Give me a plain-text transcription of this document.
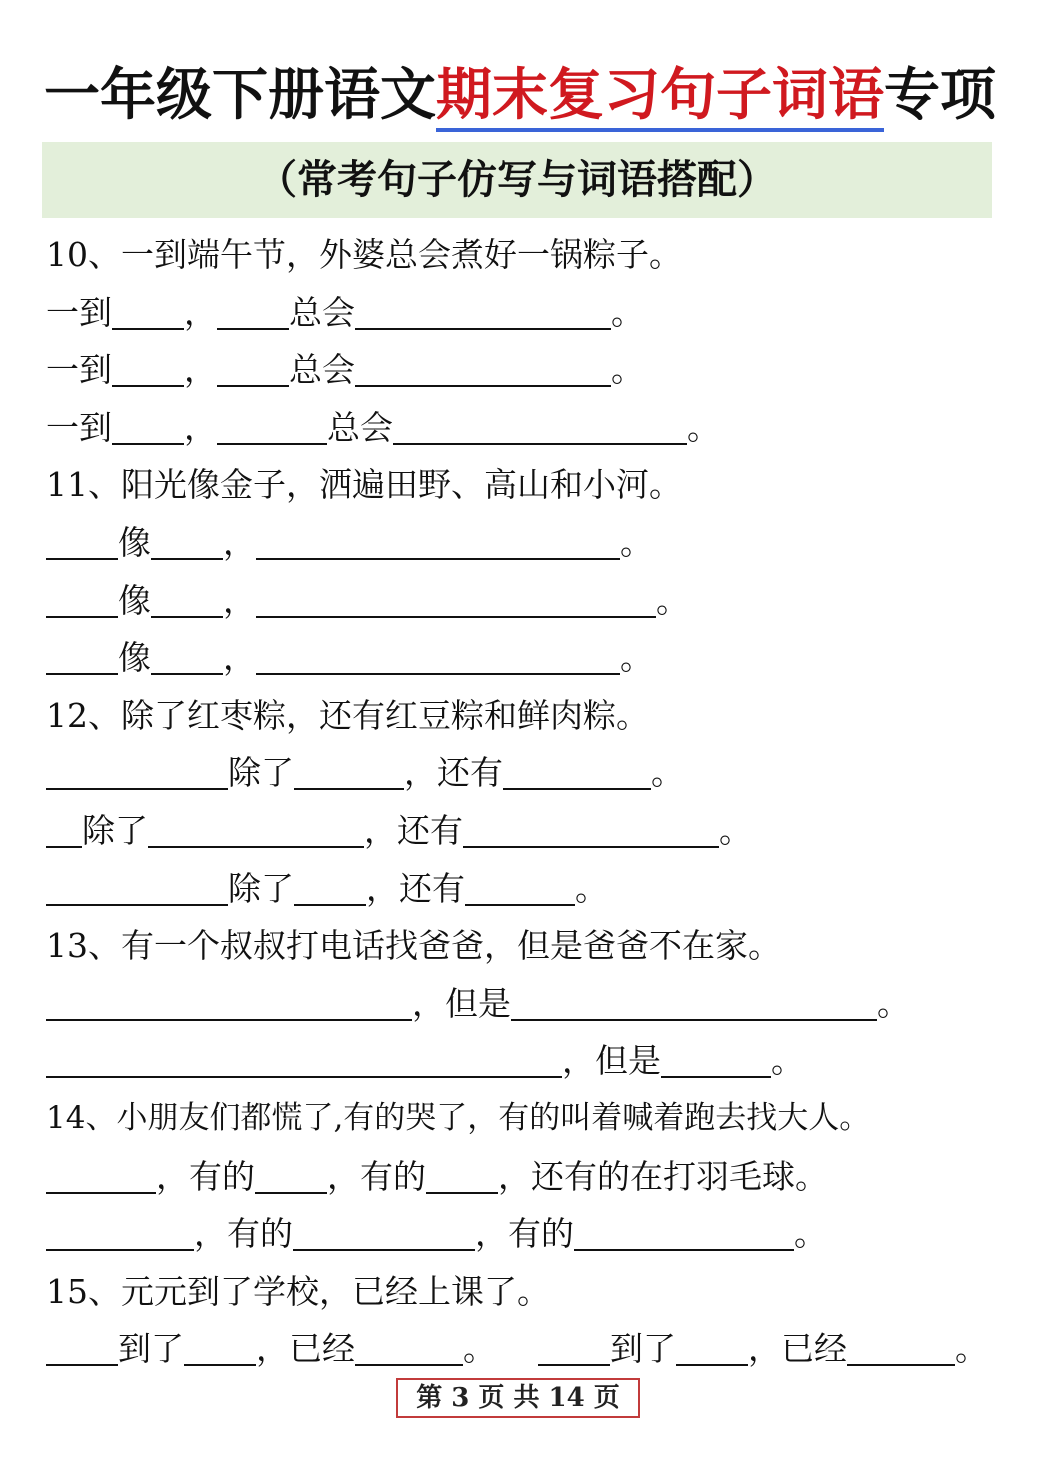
一年级下册语文期末复习句子词语专项
（常考句子仿写与词语搭配）
10、一到端午节，外婆总会煮好一锅粽子。
一到 ， 总会	。
一到 ， 总会	。
一到 ，	总会	。
11、阳光像金子，洒遍田野、高山和小河。
像 ，	。
像 ，	。
像 ，	。
12、除了红枣粽，还有红豆粽和鲜肉粽。
除了	，还有	。
除了	，还有	。
除了 ，还有	。
13、有一个叔叔打电话找爸爸，但是爸爸不在家。
，但是	。
，但是	。
14、小朋友们都慌了,有的哭了，有的叫着喊着跑去找大人。
，有的 ，有的 ，还有的在打羽毛球。
，有的	，有的	。
15、元元到了学校，已经上课了。
到了 ，已经	。	到了 ，已经	。
第 3 页 共 14 页
